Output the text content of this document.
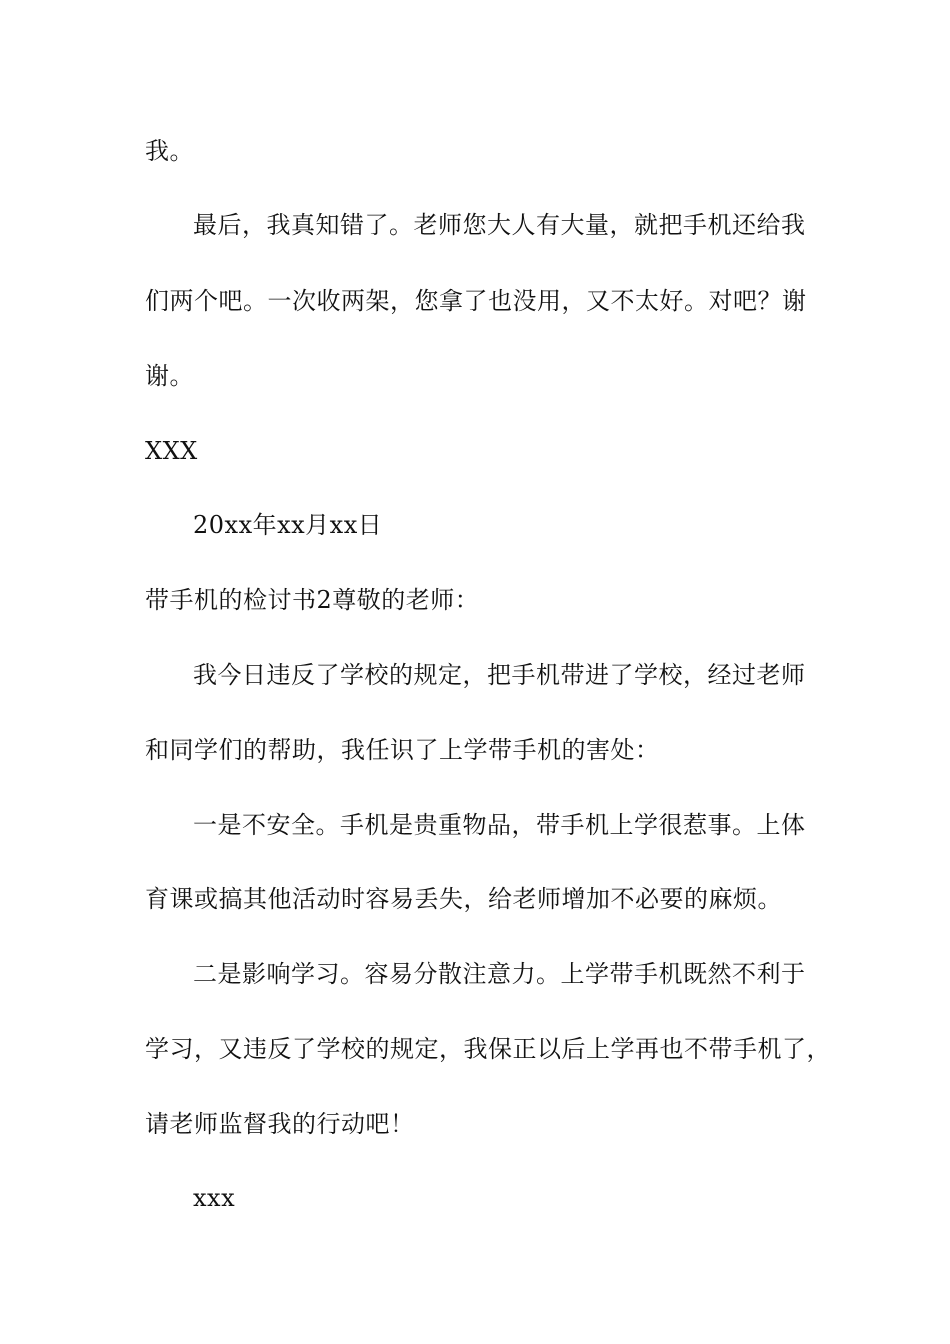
我。
最后，我真知错了。老师您大人有大量，就把手机还给我
们两个吧。一次收两架，您拿了也没用，又不太好。对吧？谢
谢。
XXX
20xx年xx月xx日
带手机的检讨书2尊敬的老师：
我今日违反了学校的规定，把手机带进了学校，经过老师
和同学们的帮助，我任识了上学带手机的害处：
一是不安全。手机是贵重物品，带手机上学很惹事。上体
育课或搞其他活动时容易丢失，给老师增加不必要的麻烦。
二是影响学习。容易分散注意力。上学带手机既然不利于
学习，又违反了学校的规定，我保正以后上学再也不带手机了，
请老师监督我的行动吧！
xxx
